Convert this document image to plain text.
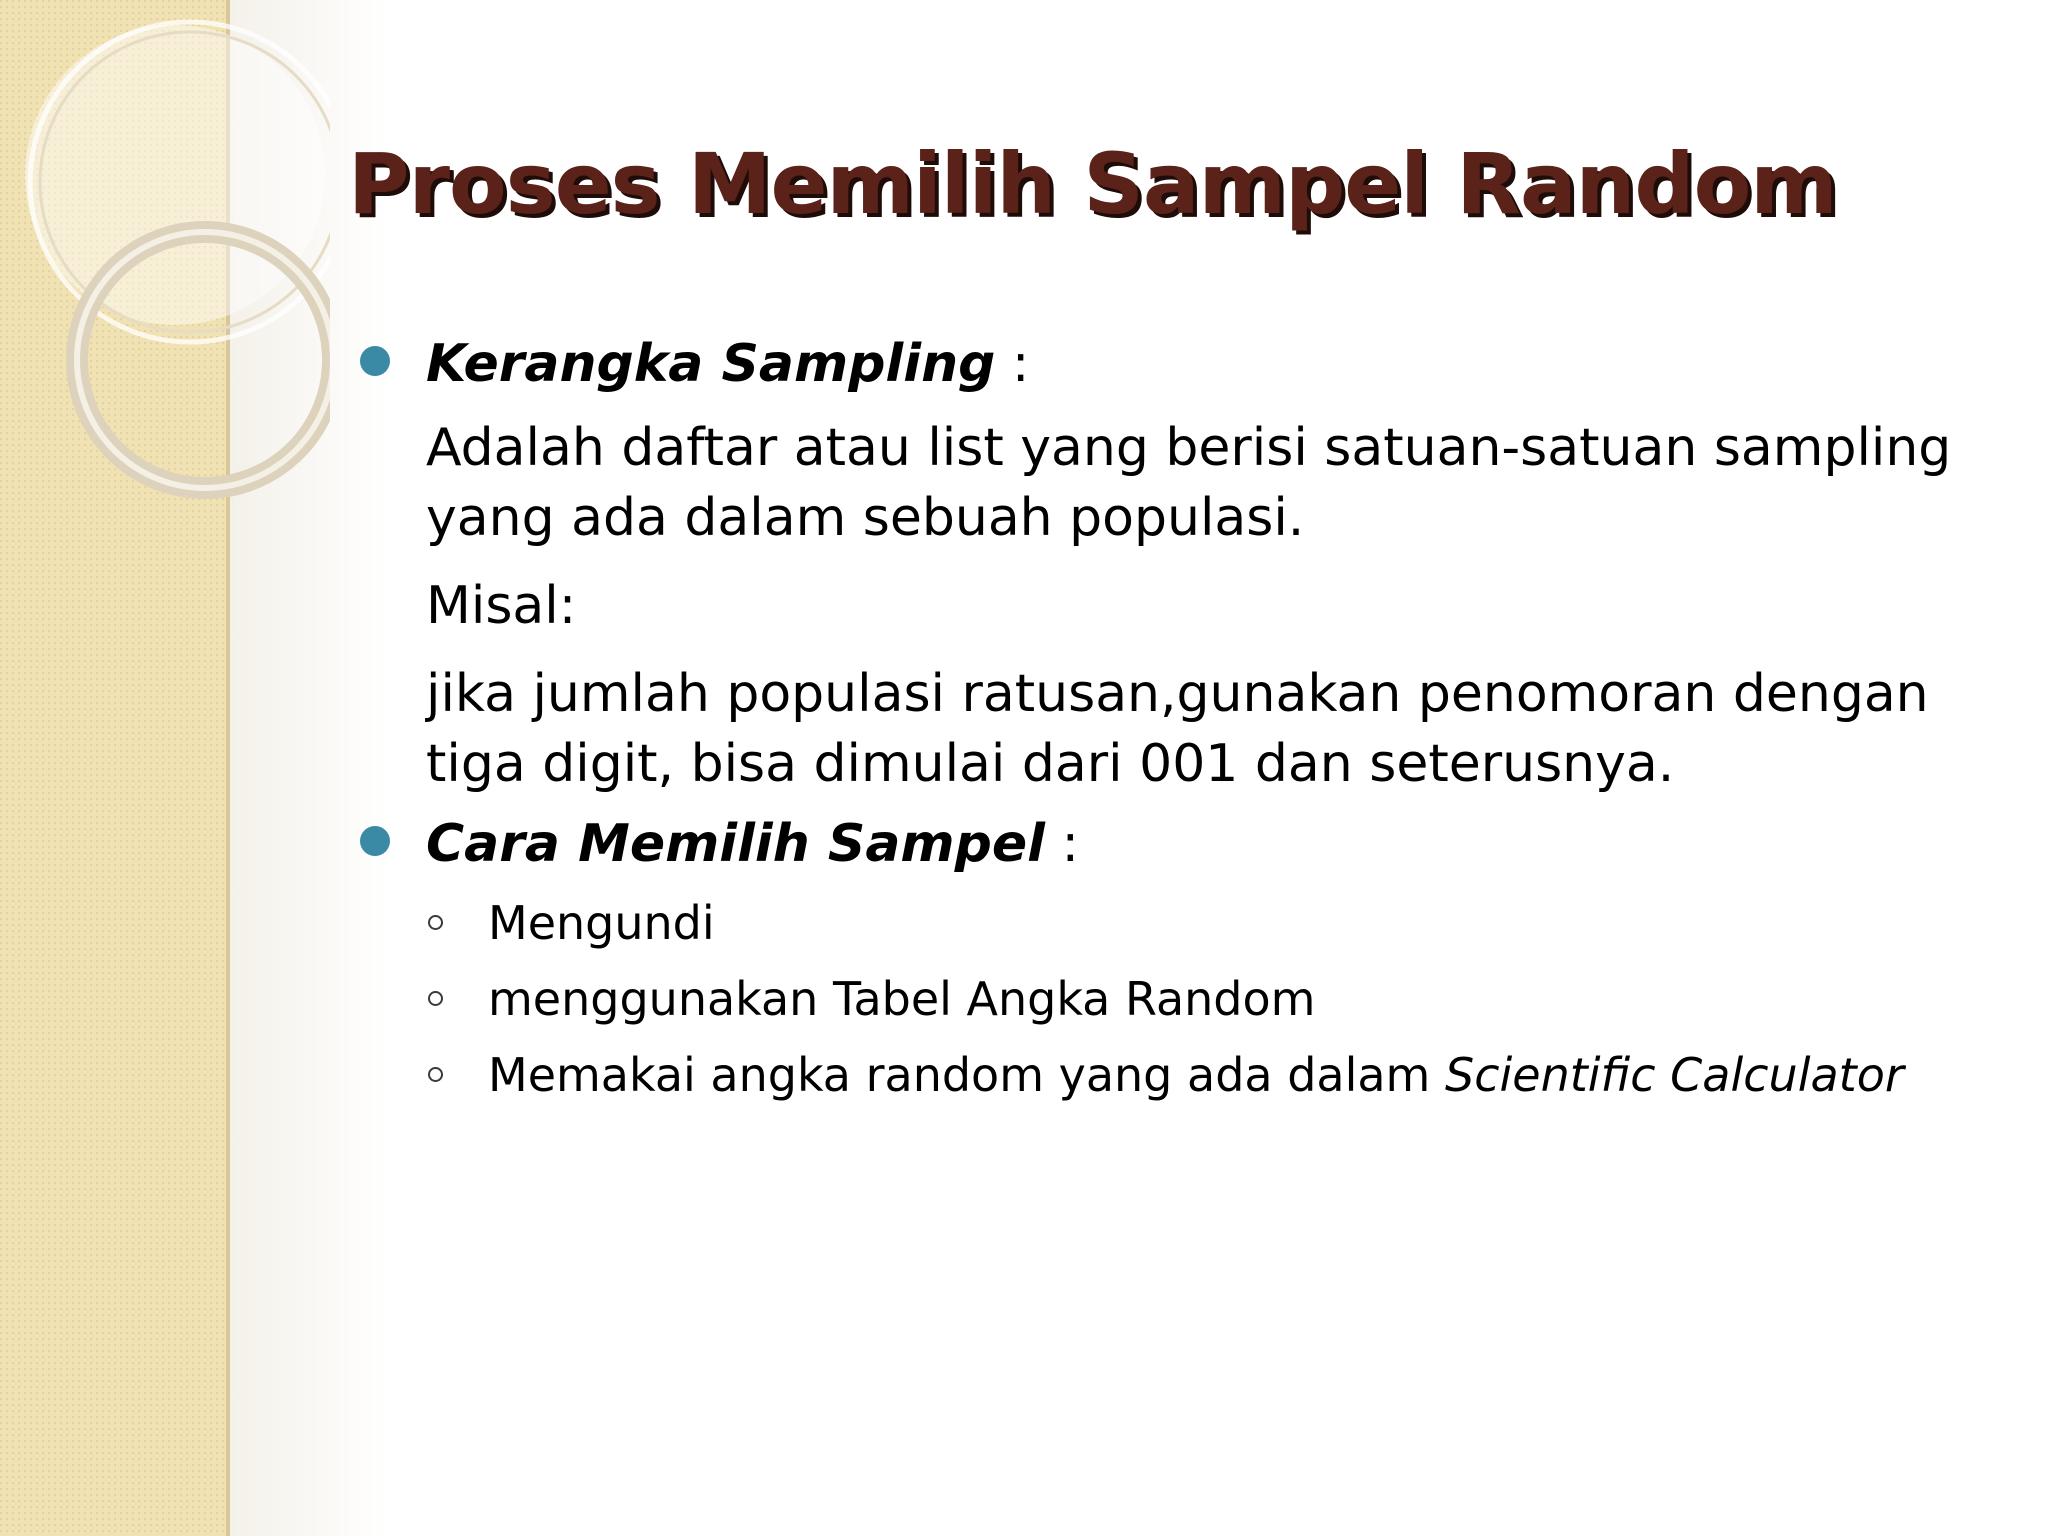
Proses Memilih Sampel Random

Kerangka Sampling :

Adalah daftar atau list yang berisi satuan-satuan sampling
yang ada dalam sebuah populasi.
Misal:
jika jumlah populasi ratusan,gunakan penomoran dengan
tiga digit, bisa dimulai dari 001 dan seterusnya.

Cara Memilih Sampel :

Mengundi
menggunakan Tabel Angka Random
Memakai angka random yang ada dalam Scientific Calculator
